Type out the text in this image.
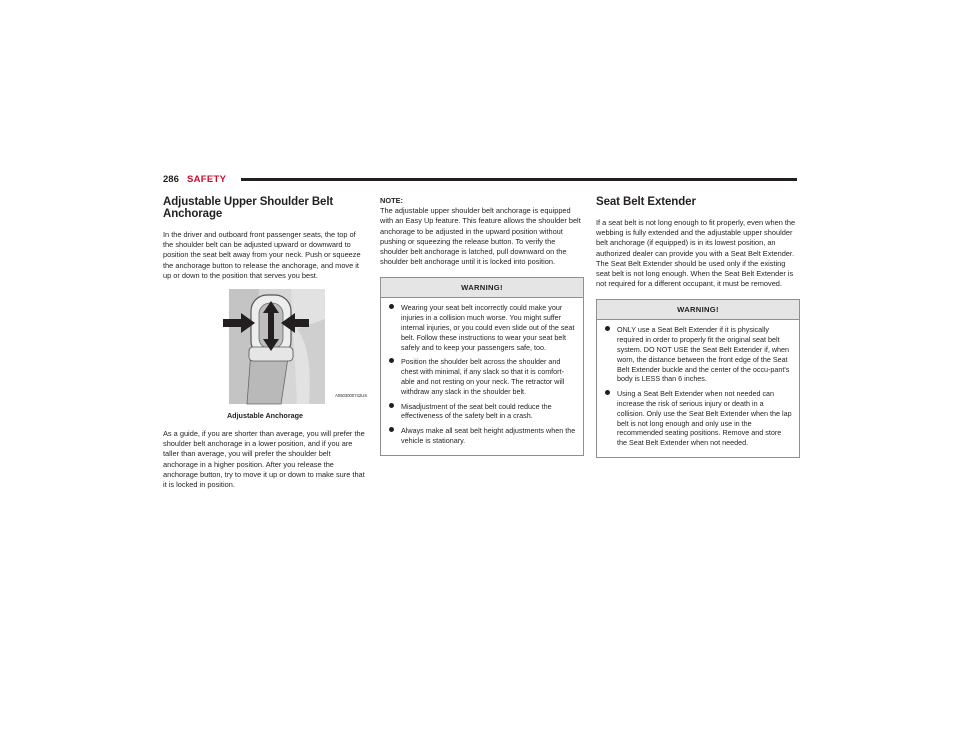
286 SAFETY
Adjustable Upper Shoulder Belt Anchorage

In the driver and outboard front passenger seats, the top of the shoulder belt can be adjusted upward or downward to position the seat belt away from your neck. Push or squeeze the anchorage button to release the anchorage, and move it up or down to the position that serves you best.

A0503000742US
Adjustable Anchorage

As a guide, if you are shorter than average, you will prefer the shoulder belt anchorage in a lower position, and if you are taller than average, you will prefer the shoulder belt anchorage in a higher position. After you release the anchorage button, try to move it up or down to make sure that it is locked in position.

NOTE:

The adjustable upper shoulder belt anchorage is equipped with an Easy Up feature. This feature allows the shoulder belt anchorage to be adjusted in the upward position without pushing or squeezing the release button. To verify the shoulder belt anchorage is latched, pull downward on the shoulder belt anchorage until it is locked into position.

WARNING!
Wearing your seat belt incorrectly could make your injuries in a collision much worse. You might suffer internal injuries, or you could even slide out of the seat belt. Follow these instructions to wear your seat belt safely and to keep your passengers safe, too.
Position the shoulder belt across the shoulder and chest with minimal, if any slack so that it is comfort-able and not resting on your neck. The retractor will withdraw any slack in the shoulder belt.
Misadjustment of the seat belt could reduce the effectiveness of the safety belt in a crash.
Always make all seat belt height adjustments when the vehicle is stationary.
Seat Belt Extender

If a seat belt is not long enough to fit properly, even when the webbing is fully extended and the adjustable upper shoulder belt anchorage (if equipped) is in its lowest position, an authorized dealer can provide you with a Seat Belt Extender. The Seat Belt Extender should be used only if the existing seat belt is not long enough. When the Seat Belt Extender is not required for a different occupant, it must be removed.

WARNING!
ONLY use a Seat Belt Extender if it is physically required in order to properly fit the original seat belt system. DO NOT USE the Seat Belt Extender if, when worn, the distance between the front edge of the Seat Belt Extender buckle and the center of the occu-pant's body is LESS than 6 inches.
Using a Seat Belt Extender when not needed can increase the risk of serious injury or death in a collision. Only use the Seat Belt Extender when the lap belt is not long enough and only use in the recommended seating positions. Remove and store the Seat Belt Extender when not needed.
